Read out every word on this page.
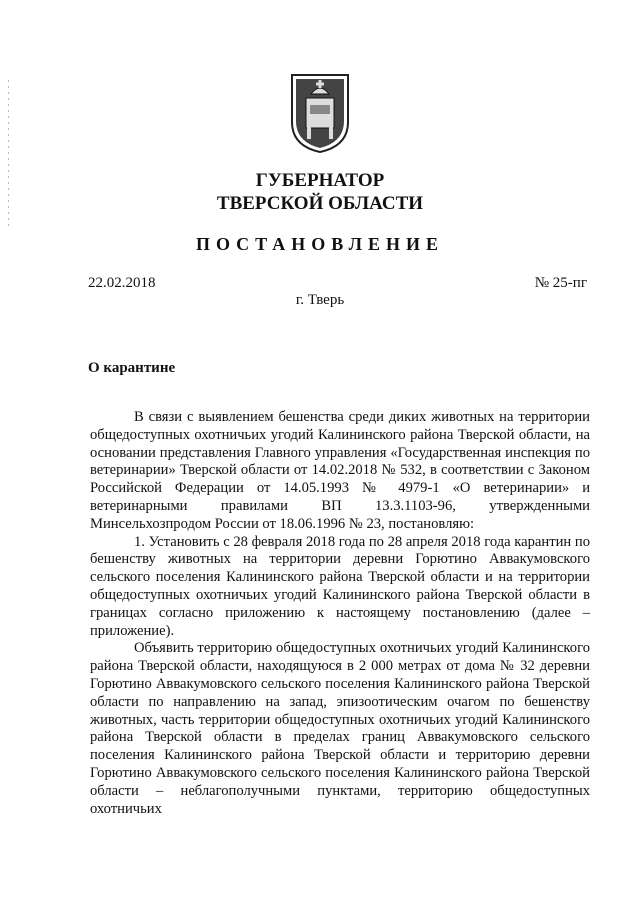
ГУБЕРНАТОР
ТВЕРСКОЙ ОБЛАСТИ
ПОСТАНОВЛЕНИЕ
22.02.2018	№ 25-пг
г. Тверь
О карантине

В связи с выявлением бешенства среди диких животных на территории общедоступных охотничьих угодий Калининского района Тверской области, на основании представления Главного управления «Государственная инспекция по ветеринарии» Тверской области от 14.02.2018 № 532, в соответствии с Законом Российской Федерации от 14.05.1993 № 4979-1 «О ветеринарии» и ветеринарными правилами ВП 13.3.1103-96, утвержденными Минсельхозпродом России от 18.06.1996 № 23, постановляю:

1. Установить с 28 февраля 2018 года по 28 апреля 2018 года карантин по бешенству животных на территории деревни Горютино Аввакумовского сельского поселения Калининского района Тверской области и на территории общедоступных охотничьих угодий Калининского района Тверской области в границах согласно приложению к настоящему постановлению (далее – приложение).

Объявить территорию общедоступных охотничьих угодий Калининского района Тверской области, находящуюся в 2 000 метрах от дома № 32 деревни Горютино Аввакумовского сельского поселения Калининского района Тверской области по направлению на запад, эпизоотическим очагом по бешенству животных, часть территории общедоступных охотничьих угодий Калининского района Тверской области в пределах границ Аввакумовского сельского поселения Калининского района Тверской области и территорию деревни Горютино Аввакумовского сельского поселения Калининского района Тверской области – неблагополучными пунктами, территорию общедоступных охотничьих
